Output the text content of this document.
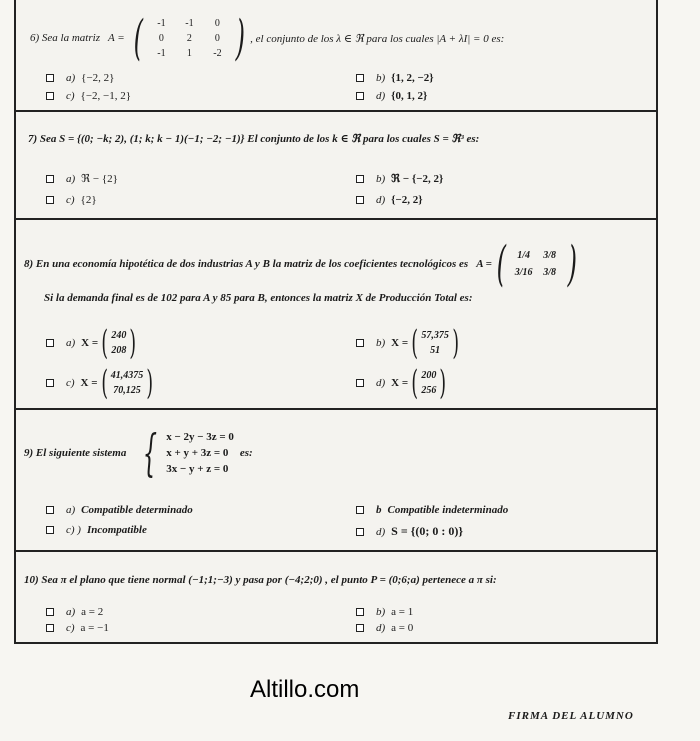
6) Sea la matriz A = (	-1	-1	0
0	2	0
-1	1	-2 ) , el conjunto de los λ ∈ ℜ para los cuales |A + λI| = 0 es:
a) {−2, 2}	b) {1, 2, −2}
c) {−2, −1, 2}	d) {0, 1, 2}
7) Sea S = {(0; −k; 2), (1; k; k − 1)(−1; −2; −1)} El conjunto de los k ∈ ℜ para los cuales S = ℜ³ es:
a) ℜ − {2}	b) ℜ − {−2, 2}
c) {2}	d) {−2, 2}
8) En una economía hipotética de dos industrias A y B la matriz de los coeficientes tecnológicos es A = (	1/4	3/8
3/16	3/8 )
Si la demanda final es de 102 para A y 85 para B, entonces la matriz X de Producción Total es:
a) X = ( 240
208 )	b) X = ( 57,375
51 )
c) X = ( 41,4375
70,125 )	d) X = ( 200
256 )
9) El siguiente sistema { x − 2y − 3z = 0
x + y + 3z = 0
3x − y + z = 0
es:
a) Compatible determinado	b Compatible indeterminado
c) ) Incompatible	d) S = {(0; 0 : 0)}
10) Sea π el plano que tiene normal (−1;1;−3) y pasa por (−4;2;0) , el punto P = (0;6;a) pertenece a π si:
a) a = 2	b) a = 1
c) a = −1	d) a = 0
Altillo.com
FIRMA DEL ALUMNO
